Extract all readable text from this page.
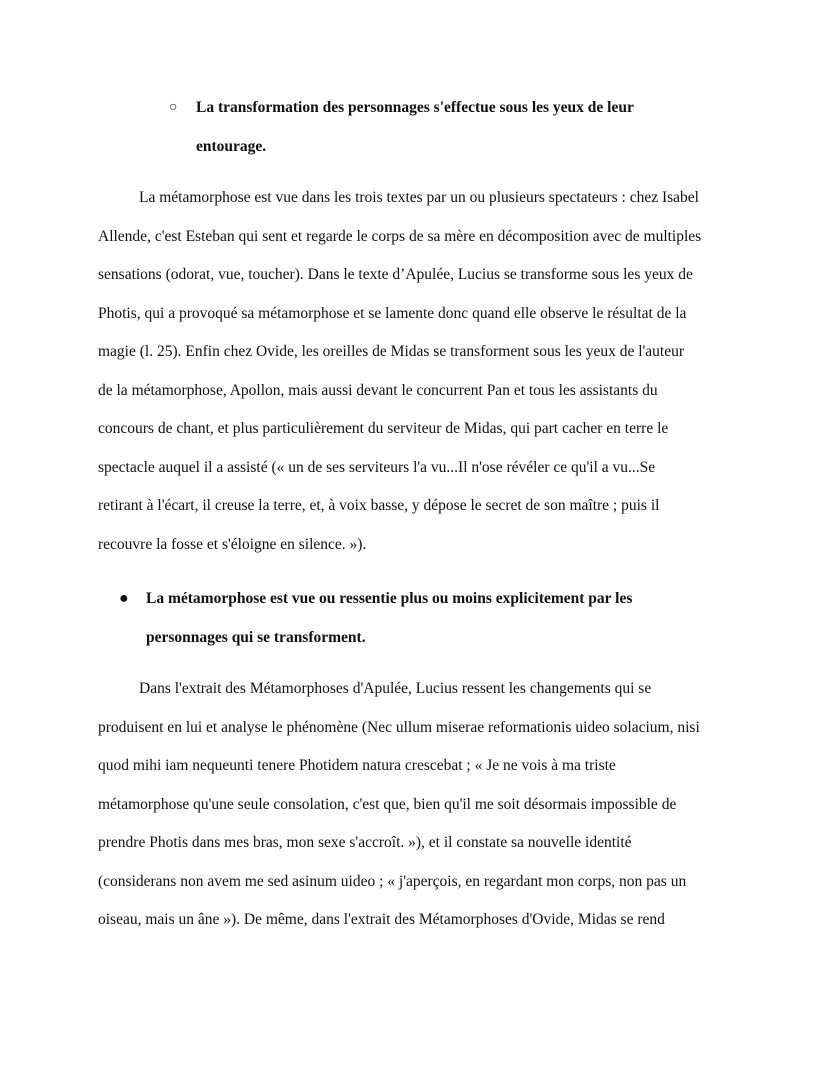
○ La transformation des personnages s'effectue sous les yeux de leur
entourage.
La métamorphose est vue dans les trois textes par un ou plusieurs spectateurs : chez Isabel
Allende, c'est Esteban qui sent et regarde le corps de sa mère en décomposition avec de multiples
sensations (odorat, vue, toucher). Dans le texte d’Apulée, Lucius se transforme sous les yeux de
Photis, qui a provoqué sa métamorphose et se lamente donc quand elle observe le résultat de la
magie (l. 25). Enfin chez Ovide, les oreilles de Midas se transforment sous les yeux de l'auteur
de la métamorphose, Apollon, mais aussi devant le concurrent Pan et tous les assistants du
concours de chant, et plus particulièrement du serviteur de Midas, qui part cacher en terre le
spectacle auquel il a assisté (« un de ses serviteurs l'a vu...Il n'ose révéler ce qu'il a vu...Se
retirant à l'écart, il creuse la terre, et, à voix basse, y dépose le secret de son maître ; puis il
recouvre la fosse et s'éloigne en silence. »).
● La métamorphose est vue ou ressentie plus ou moins explicitement par les
personnages qui se transforment.
Dans l'extrait des Métamorphoses d'Apulée, Lucius ressent les changements qui se
produisent en lui et analyse le phénomène (Nec ullum miserae reformationis uideo solacium, nisi
quod mihi iam nequeunti tenere Photidem natura crescebat ; « Je ne vois à ma triste
métamorphose qu'une seule consolation, c'est que, bien qu'il me soit désormais impossible de
prendre Photis dans mes bras, mon sexe s'accroît. »), et il constate sa nouvelle identité
(considerans non avem me sed asinum uideo ; « j'aperçois, en regardant mon corps, non pas un
oiseau, mais un âne »). De même, dans l'extrait des Métamorphoses d'Ovide, Midas se rend
